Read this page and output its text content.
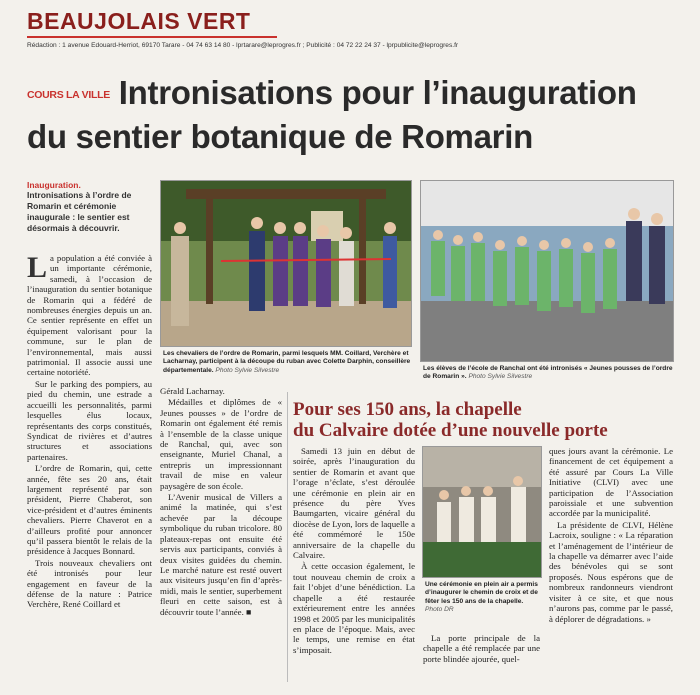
BEAUJOLAIS VERT
Rédaction : 1 avenue Edouard-Herriot, 69170 Tarare - 04 74 63 14 80 - lprtarare@leprogres.fr ; Publicité : 04 72 22 24 37 - lprpublicite@leprogres.fr
COURS LA VILLE Intronisations pour l’inauguration
du sentier botanique de Romarin
Inauguration.
Intronisations à l’ordre de Romarin et cérémonie inaugurale : le sentier est désormais à découvrir.
Les chevaliers de l’ordre de Romarin, parmi lesquels MM. Coillard, Verchère et Lacharnay, participent à la découpe du ruban avec Colette Darphin, conseillère départementale. Photo Sylvie Silvestre	Les élèves de l’école de Ranchal ont été intronisés « Jeunes pousses de l’ordre de Romarin ». Photo Sylvie Silvestre

La population a été conviée à un importante cérémonie, samedi, à l’occasion de l’inauguration du sentier botanique de Romarin qui a fédéré de nombreuses énergies depuis un an. Ce sentier représente en effet un équipement valorisant pour la commune, sur le plan de l’environnemental, mais aussi patrimonial. Il associe aussi une certaine notoriété.

Sur le parking des pompiers, au pied du chemin, une estrade a accueilli les personnalités, parmi lesquelles élus locaux, représentants des corps constitués, Syndicat de rivières et d’autres structures et associations partenaires.

L’ordre de Romarin, qui, cette année, fête ses 20 ans, était largement représenté par son président, Pierre Chaberot, son vice-président et d’autres éminents chevaliers. Pierre Chaverot en a d’ailleurs profité pour annoncer qu’il passera bientôt le relais de la présidence à Jacques Bonnard.

Trois nouveaux chevaliers ont été intronisés pour leur engagement en faveur de la défense de la nature : Patrice Verchère, René Coillard et

Gérald Lacharnay.

Médailles et diplômes de « Jeunes pousses » de l’ordre de Romarin ont également été remis à l’ensemble de la classe unique de Ranchal, qui, avec son enseignante, Muriel Chanal, a entrepris un impressionnant travail de mise en valeur paysagère de son école.

L’Avenir musical de Villers a animé la matinée, qui s’est achevée par la découpe symbolique du ruban tricolore. 80 plateaux-repas ont ensuite été servis aux participants, conviés à deux visites guidées du chemin. Le marché nature est resté ouvert aux visiteurs jusqu’en fin d’après-midi, mais le sentier, superbement fleuri en cette saison, est à découvrir toute l’année. ■

Pour ses 150 ans, la chapelle
du Calvaire dotée d’une nouvelle porte

Samedi 13 juin en début de soirée, après l’inauguration du sentier de Romarin et avant que l’orage n’éclate, s’est déroulée une cérémonie en plein air en présence du père Yves Baumgarten, vicaire général du diocèse de Lyon, lors de laquelle a été commémoré le 150e anniversaire de la chapelle du Calvaire.

À cette occasion également, le tout nouveau chemin de croix a fait l’objet d’une bénédiction. La chapelle a été restaurée extérieurement entre les années 1998 et 2005 par les municipalités en place de l’époque. Mais, avec le temps, une remise en état s’imposait.

Une cérémonie en plein air a permis d’inaugurer le chemin de croix et de fêter les 150 ans de la chapelle. Photo DR

La porte principale de la chapelle a été remplacée par une porte blindée ajourée, quel-

ques jours avant la cérémonie. Le financement de cet équipement a été assuré par Cours La Ville Initiative (CLVI) avec une participation de l’Association paroissiale et une subvention accordée par la municipalité.

La présidente de CLVI, Hélène Lacroix, souligne : « La réparation et l’aménagement de l’intérieur de la chapelle va démarrer avec l’aide des bénévoles qui se sont proposés. Nous espérons que de nombreux randonneurs viendront visiter à ce site, et que nous n’aurons pas, comme par le passé, à déplorer de dégradations. »
